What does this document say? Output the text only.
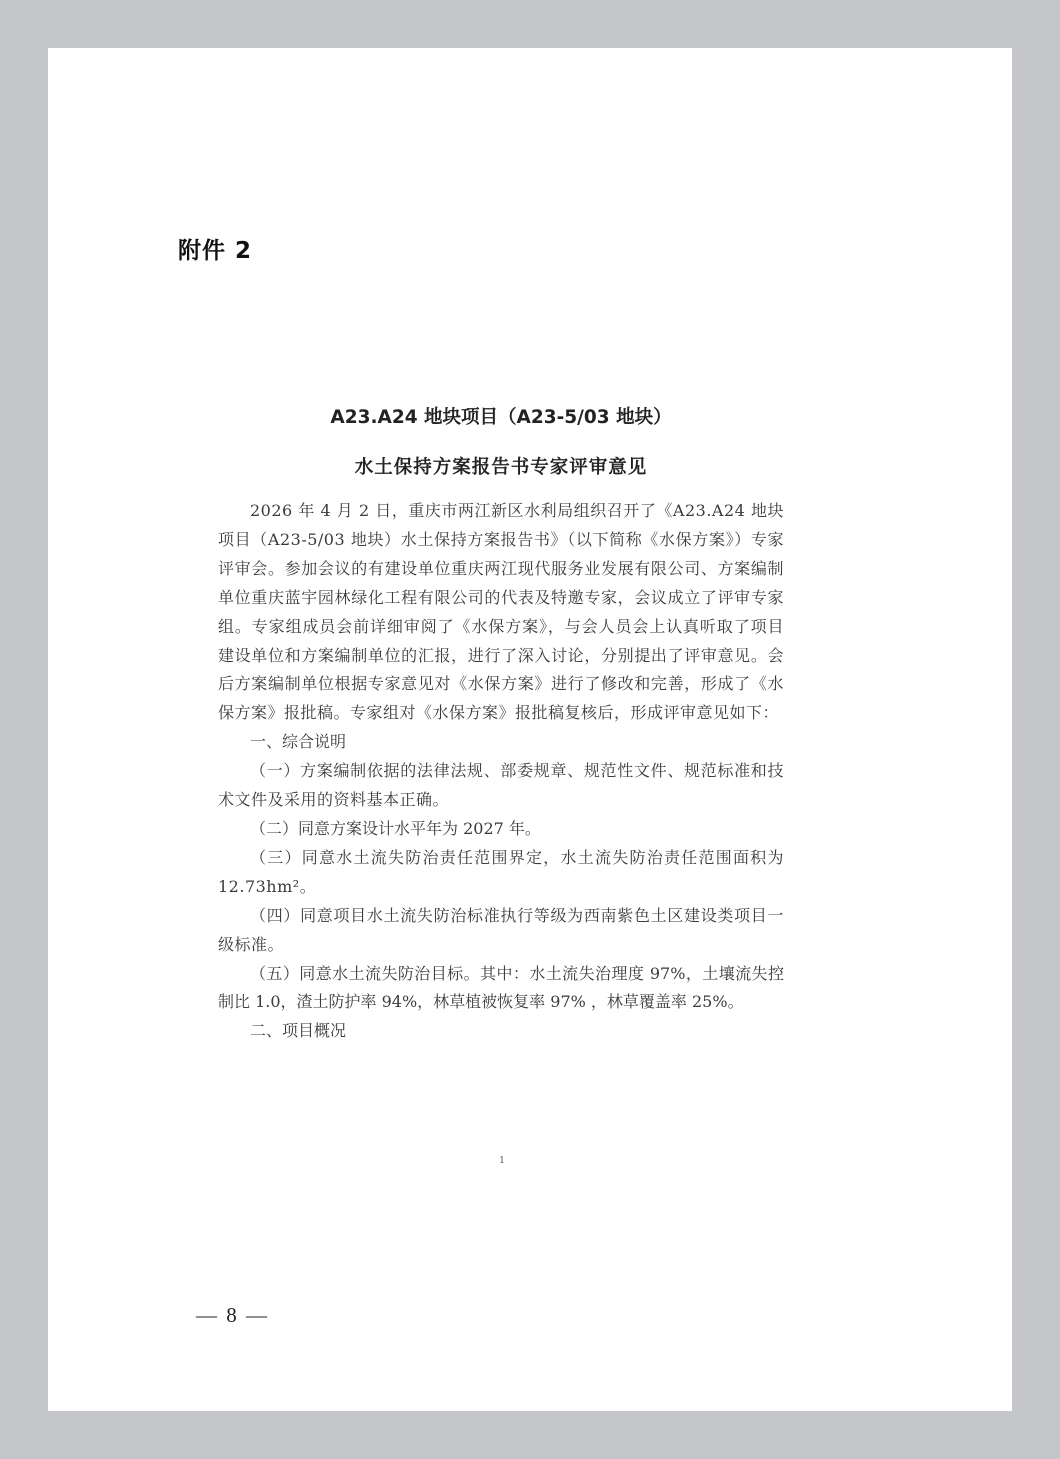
附件 2
A23.A24 地块项目（A23-5/03 地块）
水土保持方案报告书专家评审意见

2026 年 4 月 2 日，重庆市两江新区水利局组织召开了《A23.A24 地块项目（A23-5/03 地块）水土保持方案报告书》（以下简称《水保方案》）专家评审会。参加会议的有建设单位重庆两江现代服务业发展有限公司、方案编制单位重庆蓝宇园林绿化工程有限公司的代表及特邀专家，会议成立了评审专家组。专家组成员会前详细审阅了《水保方案》，与会人员会上认真听取了项目建设单位和方案编制单位的汇报，进行了深入讨论，分别提出了评审意见。会后方案编制单位根据专家意见对《水保方案》进行了修改和完善，形成了《水保方案》报批稿。专家组对《水保方案》报批稿复核后，形成评审意见如下：

一、综合说明

（一）方案编制依据的法律法规、部委规章、规范性文件、规范标准和技术文件及采用的资料基本正确。

（二）同意方案设计水平年为 2027 年。

（三）同意水土流失防治责任范围界定，水土流失防治责任范围面积为 12.73hm²。

（四）同意项目水土流失防治标准执行等级为西南紫色土区建设类项目一级标准。

（五）同意水土流失防治目标。其中：水土流失治理度 97%，土壤流失控制比 1.0，渣土防护率 94%，林草植被恢复率 97% ，林草覆盖率 25%。

二、项目概况

1
— 8 —
